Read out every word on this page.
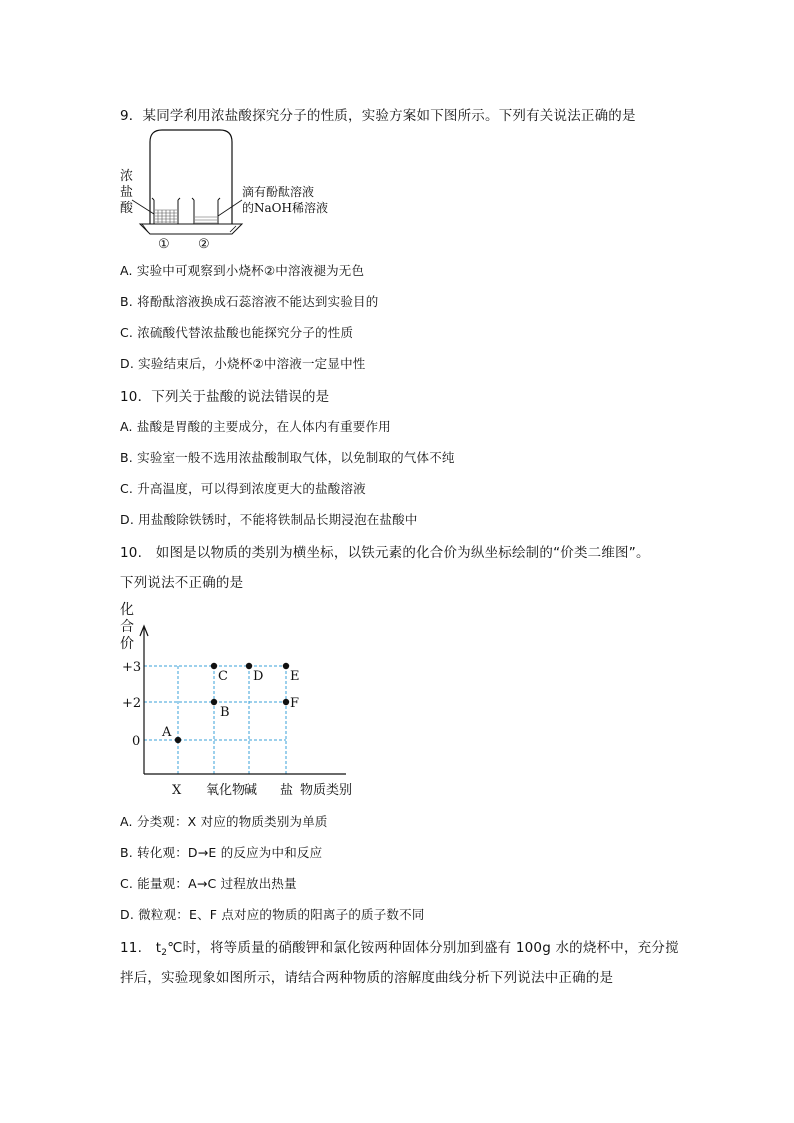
9．某同学利用浓盐酸探究分子的性质，实验方案如下图所示。下列有关说法正确的是
浓
盐
酸
滴有酚酞溶液
的NaOH稀溶液
① ②
A. 实验中可观察到小烧杯②中溶液褪为无色
B. 将酚酞溶液换成石蕊溶液不能达到实验目的
C. 浓硫酸代替浓盐酸也能探究分子的性质
D. 实验结束后，小烧杯②中溶液一定显中性
10．下列关于盐酸的说法错误的是
A. 盐酸是胃酸的主要成分，在人体内有重要作用
B. 实验室一般不选用浓盐酸制取气体，以免制取的气体不纯
C. 升高温度，可以得到浓度更大的盐酸溶液
D. 用盐酸除铁锈时，不能将铁制品长期浸泡在盐酸中
10.　如图是以物质的类别为横坐标，以铁元素的化合价为纵坐标绘制的“价类二维图”。
下列说法不正确的是
化
合
价
+3
+2
0
X 氧化物
碱 盐 物质类别
A
B
C D E
F
A. 分类观：X 对应的物质类别为单质
B. 转化观：D→E 的反应为中和反应
C. 能量观：A→C 过程放出热量
D. 微粒观：E、F 点对应的物质的阳离子的质子数不同
11.　$t_2℃$时，将等质量的硝酸钾和氯化铵两种固体分别加到盛有 100g 水的烧杯中，充分搅
拌后，实验现象如图所示，请结合两种物质的溶解度曲线分析下列说法中正确的是
